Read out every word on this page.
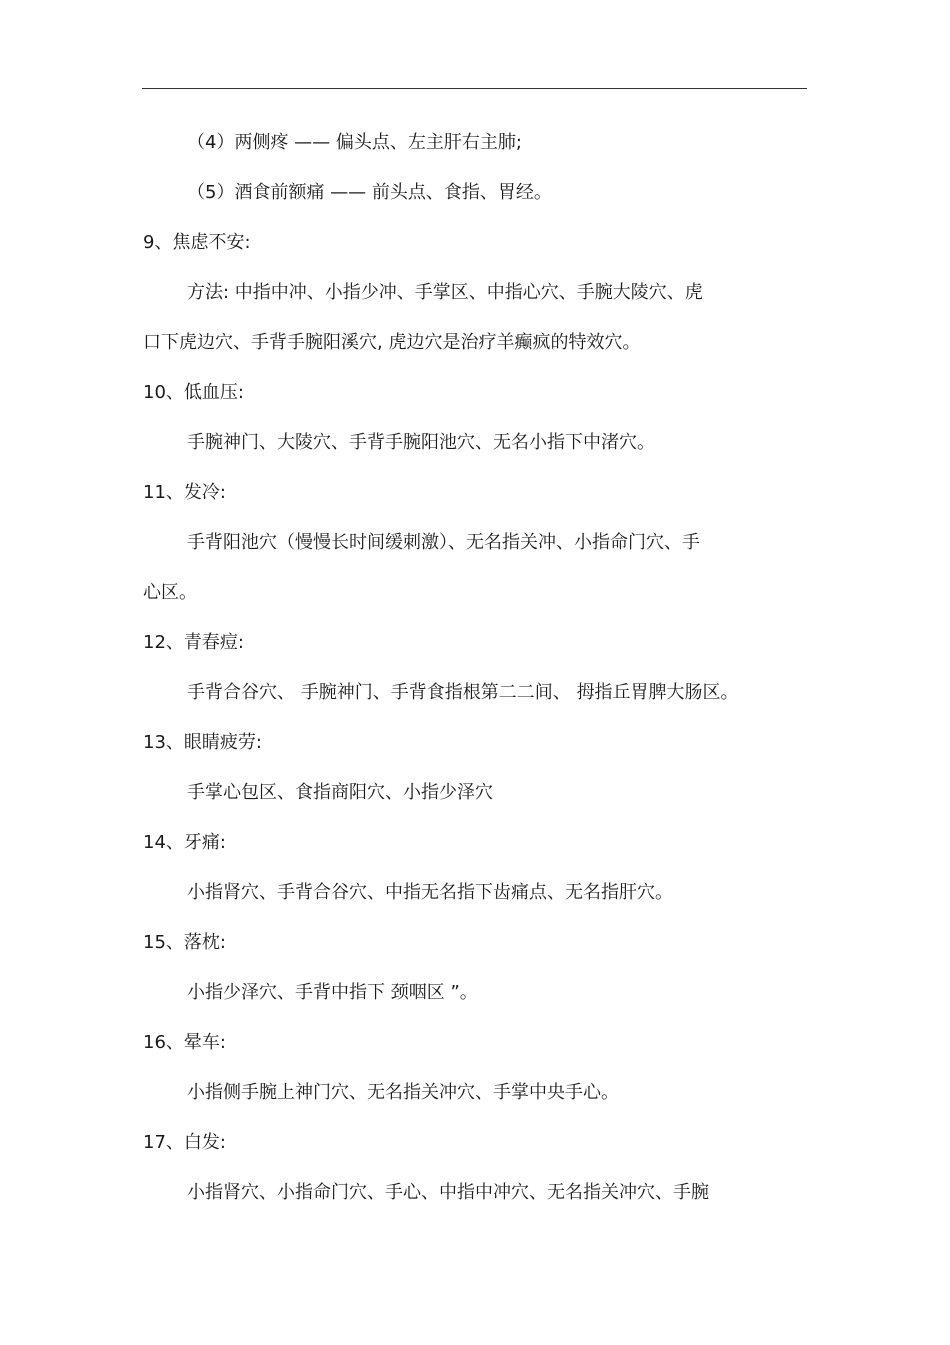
（4）两侧疼 —— 偏头点、左主肝右主肺;
（5）酒食前额痛 —— 前头点、食指、胃经。
9、焦虑不安:
方法: 中指中冲、小指少冲、手掌区、中指心穴、手腕大陵穴、虎
口下虎边穴、手背手腕阳溪穴, 虎边穴是治疗羊癫疯的特效穴。
10、低血压:
手腕神门、大陵穴、手背手腕阳池穴、无名小指下中渚穴。
11、发冷:
手背阳池穴（慢慢长时间缓刺激）、无名指关冲、小指命门穴、手
心区。
12、青春痘:
手背合谷穴、 手腕神门、手背食指根第二二间、 拇指丘胃脾大肠区。
13、眼睛疲劳:
手掌心包区、食指商阳穴、小指少泽穴
14、牙痛:
小指肾穴、手背合谷穴、中指无名指下齿痛点、无名指肝穴。
15、落枕:
小指少泽穴、手背中指下 颈咽区 ”。
16、晕车:
小指侧手腕上神门穴、无名指关冲穴、手掌中央手心。
17、白发:
小指肾穴、小指命门穴、手心、中指中冲穴、无名指关冲穴、手腕
